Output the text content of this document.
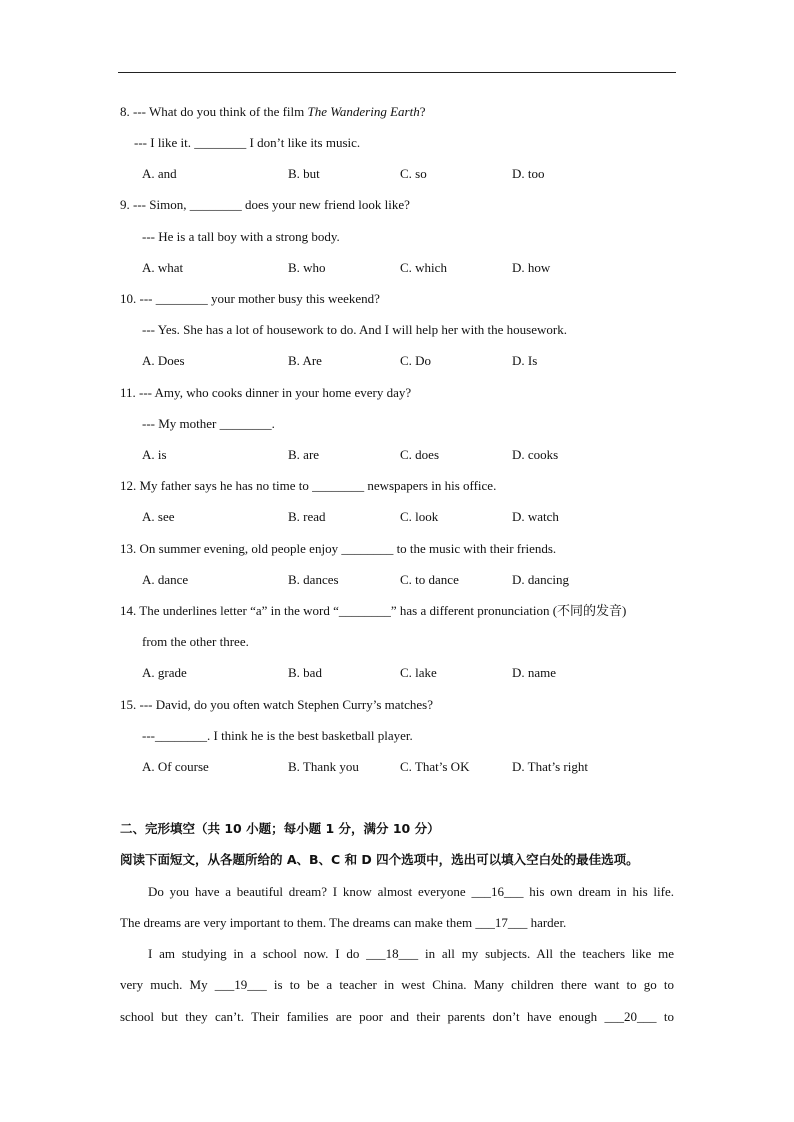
8. --- What do you think of the film The Wandering Earth?
--- I like it. ________ I don’t like its music.
A. and	B. but	C. so	D. too
9. --- Simon, ________ does your new friend look like?
--- He is a tall boy with a strong body.
A. what	B. who	C. which	D. how
10. --- ________ your mother busy this weekend?
--- Yes. She has a lot of housework to do. And I will help her with the housework.
A. Does	B. Are	C. Do	D. Is
11. --- Amy, who cooks dinner in your home every day?
--- My mother ________.
A. is	B. are	C. does	D. cooks
12. My father says he has no time to ________ newspapers in his office.
A. see	B. read	C. look	D. watch
13. On summer evening, old people enjoy ________ to the music with their friends.
A. dance	B. dances	C. to dance	D. dancing
14. The underlines letter “a” in the word “________” has a different pronunciation (不同的发音)
from the other three.
A. grade	B. bad	C. lake	D. name
15. --- David, do you often watch Stephen Curry’s matches?
---________. I think he is the best basketball player.
A. Of course	B. Thank you	C. That’s OK	D. That’s right
二、完形填空（共 10 小题；每小题 1 分，满分 10 分）
阅读下面短文，从各题所给的 A、B、C 和 D 四个选项中，选出可以填入空白处的最佳选项。
Do you have a beautiful dream? I know almost everyone ___16___ his own dream in his life.
The dreams are very important to them. The dreams can make them ___17___ harder.
I am studying in a school now. I do ___18___ in all my subjects. All the teachers like me
very much. My ___19___ is to be a teacher in west China. Many children there want to go to
school but they can’t. Their families are poor and their parents don’t have enough ___20___ to
